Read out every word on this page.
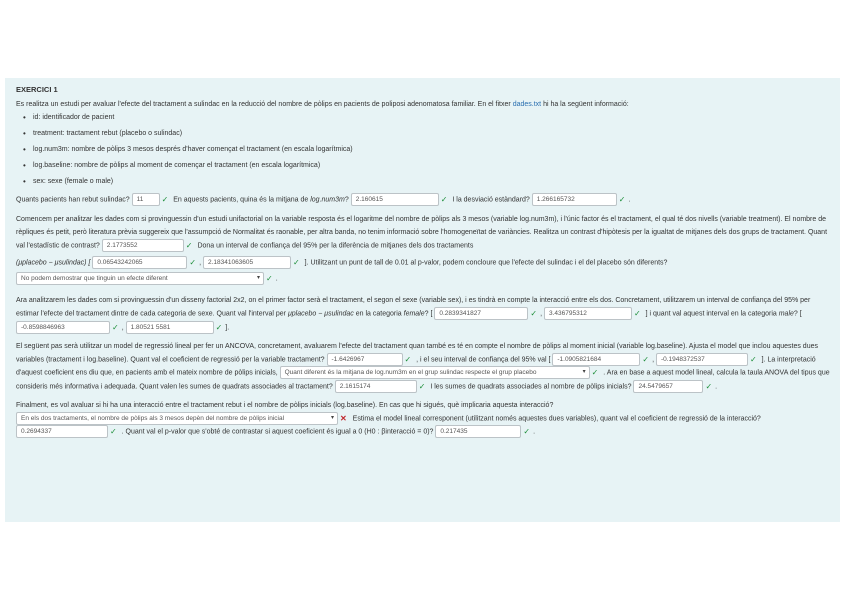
EXERCICI 1
Es realitza un estudi per avaluar l'efecte del tractament a sulindac en la reducció del nombre de pòlips en pacients de poliposi adenomatosa familiar. En el fitxer dades.txt hi ha la següent informació:
• id: identificador de pacient
• treatment: tractament rebut (placebo o sulindac)
• log.num3m: nombre de pòlips 3 mesos després d'haver començat el tractament (en escala logarítmica)
• log.baseline: nombre de pòlips al moment de començar el tractament (en escala logarítmica)
• sex: sexe (female o male)
Quants pacients han rebut sulindac? 11 ✓ En aquests pacients, quina és la mitjana de log.num3m? 2.160615	✓ I la desviació estàndard? 1.266165732	✓ .
Comencem per analitzar les dades com si provinguessin d'un estudi unifactorial on la variable resposta és el logaritme del nombre de pòlips als 3 mesos (variable log.num3m), i l'únic factor és el tractament, el qual té dos nivells (variable treatment). El nombre de rèpliques és petit, però literatura prèvia suggereix que l'assumpció de Normalitat és raonable, per altra banda, no tenim informació sobre l'homogeneïtat de variàncies. Realitza un contrast d'hipòtesis per la igualtat de mitjanes dels dos grups de tractament. Quant val l'estadístic de contrast? 2.1773552	✓ Dona un interval de confiança del 95% per la diferència de mitjanes dels dos tractaments
(μplacebo − μsulindac) [ 0.06543242065	✓ , 2.18341063605	✓ ]. Utilitzant un punt de tall de 0.01 al p-valor, podem concloure que l'efecte del sulindac i el del placebo són diferents?
No podem demostrar que tinguin un efecte diferent	▾ ✓ .
Ara analitzarem les dades com si provinguessin d'un disseny factorial 2x2, on el primer factor serà el tractament, el segon el sexe (variable sex), i es tindrà en compte la interacció entre els dos. Concretament, utilitzarem un interval de confiança del 95% per estimar l'efecte del tractament dintre de cada categoria de sexe. Quant val l'interval per μplacebo − μsulindac en la categoria female? [ 0.2839341827	✓ , 3.436795312	✓ ] i quant val aquest interval en la categoria male? [ -0.8598846963	✓ , 1.80521 5581	✓ ].
El següent pas serà utilitzar un model de regressió lineal per fer un ANCOVA, concretament, avaluarem l'efecte del tractament quan també es té en compte el nombre de pòlips al moment inicial (variable log.baseline). Ajusta el model que inclou aquestes dues variables (tractament i log.baseline). Quant val el coeficient de regressió per la variable tractament? -1.6426967	✓ , i el seu interval de confiança del 95% val [ -1.0905821684	✓ , -0.1948372537	✓ ]. La interpretació d'aquest coeficient ens diu que, en pacients amb el mateix nombre de pòlips inicials, Quant diferent és la mitjana de log.num3m en el grup sulindac respecte el grup placebo	▾ ✓ . Ara en base a aquest model lineal, calcula la taula ANOVA del tipus que consideris més informativa i adequada. Quant valen les sumes de quadrats associades al tractament? 2.1615174	✓ I les sumes de quadrats associades al nombre de pòlips inicials? 24.5479657	✓ .
Finalment, es vol avaluar si hi ha una interacció entre el tractament rebut i el nombre de pòlips inicials (log.baseline). En cas que hi sigués, què implicaria aquesta interacció? En els dos tractaments, el nombre de pòlips als 3 mesos depèn del nombre de pòlips inicial	▾ ✕ Estima el model lineal corresponent (utilitzant només aquestes dues variables), quant val el coeficient de regressió de la interacció? 0.2694337	✓ . Quant val el p-valor que s'obté de contrastar si aquest coeficient és igual a 0 (H0 : βinteracció = 0)? 0.217435	✓ .
